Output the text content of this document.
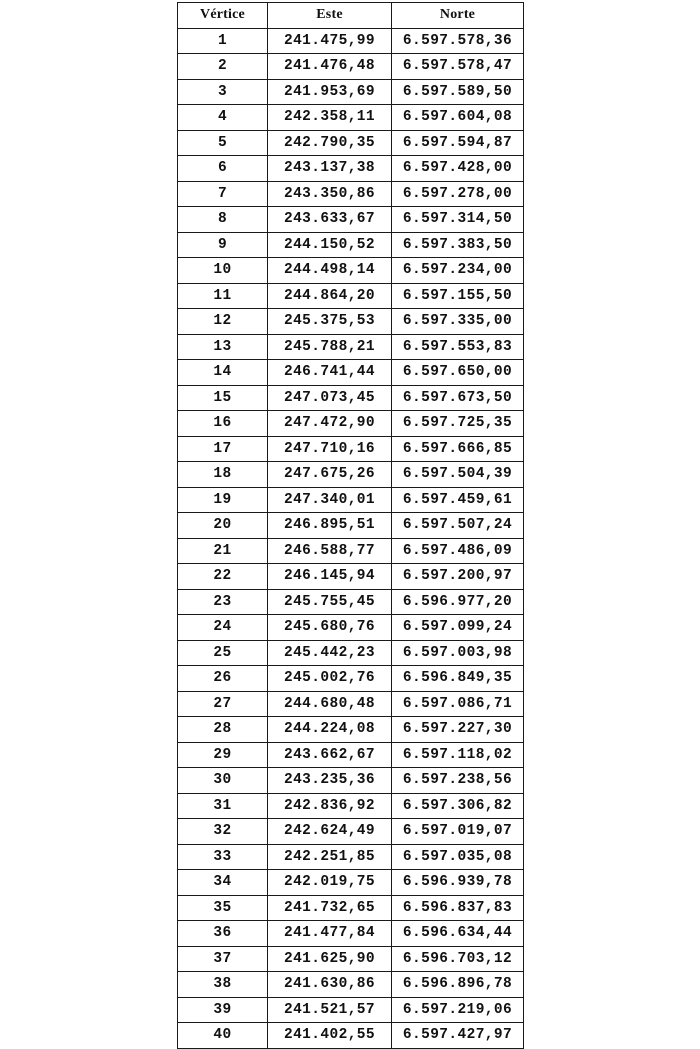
Vértice	Este	Norte
1	241.475,99	6.597.578,36
2	241.476,48	6.597.578,47
3	241.953,69	6.597.589,50
4	242.358,11	6.597.604,08
5	242.790,35	6.597.594,87
6	243.137,38	6.597.428,00
7	243.350,86	6.597.278,00
8	243.633,67	6.597.314,50
9	244.150,52	6.597.383,50
10	244.498,14	6.597.234,00
11	244.864,20	6.597.155,50
12	245.375,53	6.597.335,00
13	245.788,21	6.597.553,83
14	246.741,44	6.597.650,00
15	247.073,45	6.597.673,50
16	247.472,90	6.597.725,35
17	247.710,16	6.597.666,85
18	247.675,26	6.597.504,39
19	247.340,01	6.597.459,61
20	246.895,51	6.597.507,24
21	246.588,77	6.597.486,09
22	246.145,94	6.597.200,97
23	245.755,45	6.596.977,20
24	245.680,76	6.597.099,24
25	245.442,23	6.597.003,98
26	245.002,76	6.596.849,35
27	244.680,48	6.597.086,71
28	244.224,08	6.597.227,30
29	243.662,67	6.597.118,02
30	243.235,36	6.597.238,56
31	242.836,92	6.597.306,82
32	242.624,49	6.597.019,07
33	242.251,85	6.597.035,08
34	242.019,75	6.596.939,78
35	241.732,65	6.596.837,83
36	241.477,84	6.596.634,44
37	241.625,90	6.596.703,12
38	241.630,86	6.596.896,78
39	241.521,57	6.597.219,06
40	241.402,55	6.597.427,97
